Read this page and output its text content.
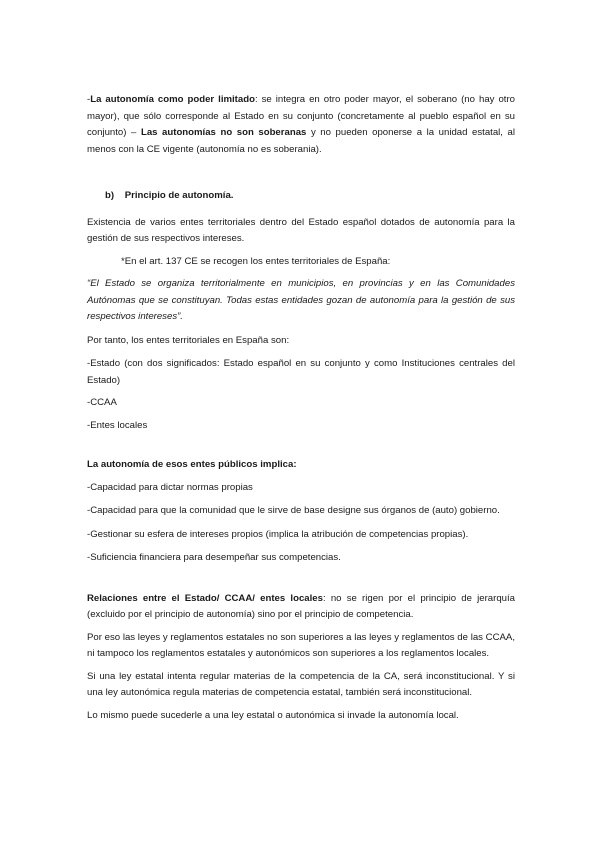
-La autonomía como poder limitado: se integra en otro poder mayor, el soberano (no hay otro mayor), que sólo corresponde al Estado en su conjunto (concretamente al pueblo español en su conjunto) – Las autonomías no son soberanas y no pueden oponerse a la unidad estatal, al menos con la CE vigente (autonomía no es soberania).

b)    Principio de autonomía.

Existencia de varios entes territoriales dentro del Estado español dotados de autonomía para la gestión de sus respectivos intereses.

*En el art. 137 CE se recogen los entes territoriales de España:

“El Estado se organiza territorialmente en municipios, en provincias y en las Comunidades Autónomas que se constituyan. Todas estas entidades gozan de autonomía para la gestión de sus respectivos intereses”.

Por tanto, los entes territoriales en España son:

-Estado (con dos significados: Estado español en su conjunto y como Instituciones centrales del Estado)

-CCAA

-Entes locales

La autonomía de esos entes públicos implica:

-Capacidad para dictar normas propias

-Capacidad para que la comunidad que le sirve de base designe sus órganos de (auto) gobierno.

-Gestionar su esfera de intereses propios (implica la atribución de competencias propias).

-Suficiencia financiera para desempeñar sus competencias.

Relaciones entre el Estado/ CCAA/ entes locales: no se rigen por el principio de jerarquía (excluido por el principio de autonomía) sino por el principio de competencia.

Por eso las leyes y reglamentos estatales no son superiores a las leyes y reglamentos de las CCAA, ni tampoco los reglamentos estatales y autonómicos son superiores a los reglamentos locales.

Si una ley estatal intenta regular materias de la competencia de la CA, será inconstitucional. Y si una ley autonómica regula materias de competencia estatal, también será inconstitucional.

Lo mismo puede sucederle a una ley estatal o autonómica si invade la autonomía local.
